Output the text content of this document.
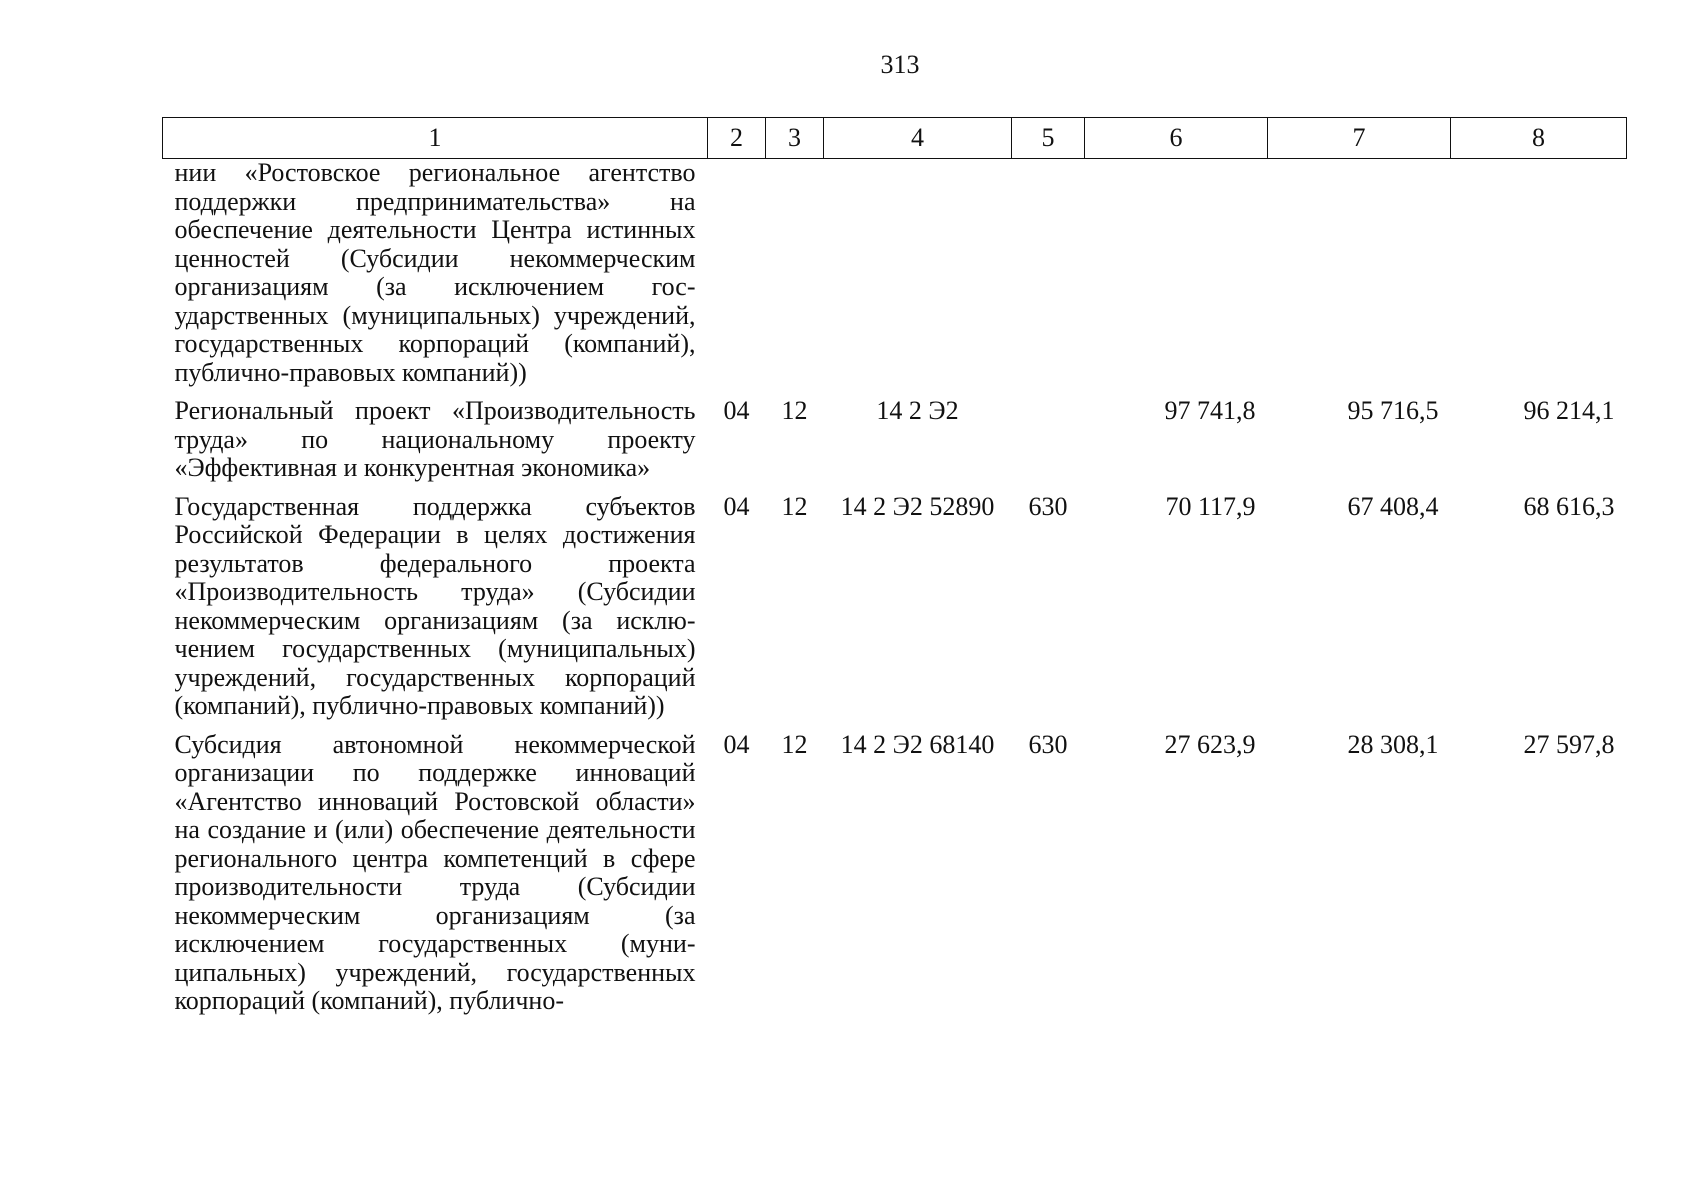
313
1	2	3	4	5	6	7	8
нии «Ростовское региональное агентство поддержки предпринимательства» на обеспечение деятельности Центра истинных ценностей (Субсидии некоммерческим организациям (за исключением государственных (муниципальных) учреждений, государственных корпораций (компаний), публично-правовых компаний))							
Региональный проект «Производительность труда» по национальному проекту «Эффективная и конкурентная экономика»	04	12	14 2 Э2		97 741,8	95 716,5	96 214,1
Государственная поддержка субъектов Российской Федерации в целях достижения результатов федерального проекта «Производительность труда» (Субсидии некоммерческим организациям (за исключением государственных (муниципальных) учреждений, государственных корпораций (компаний), публично-правовых компаний))	04	12	14 2 Э2 52890	630	70 117,9	67 408,4	68 616,3
Субсидия автономной некоммерческой организации по поддержке инноваций «Агентство инноваций Ростовской области» на создание и (или) обеспечение деятельности регионального центра компетенций в сфере производительности труда (Субсидии некоммерческим организациям (за исключением государственных (муниципальных) учреждений, государственных корпораций (компаний), публично-	04	12	14 2 Э2 68140	630	27 623,9	28 308,1	27 597,8
